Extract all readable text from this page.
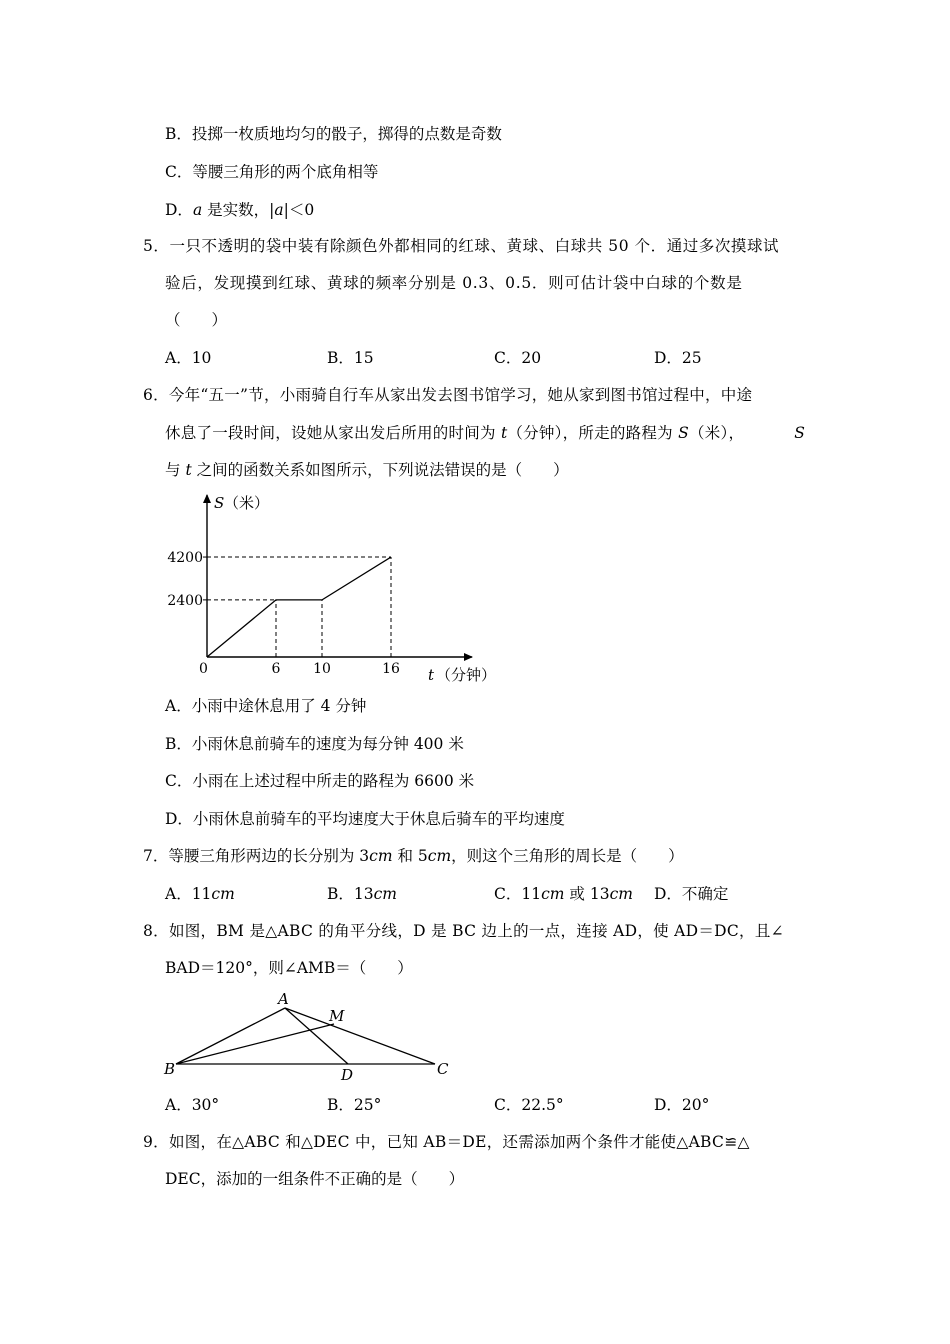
B．投掷一枚质地均匀的骰子，掷得的点数是奇数
C．等腰三角形的两个底角相等
D．a 是实数，|a|＜0
5．一只不透明的袋中装有除颜色外都相同的红球、黄球、白球共 50 个．通过多次摸球试
验后，发现摸到红球、黄球的频率分别是 0.3、0.5．则可估计袋中白球的个数是
（　　）
A．10	B．15	C．20	D．25
6．今年“五一”节，小雨骑自行车从家出发去图书馆学习，她从家到图书馆过程中，中途
休息了一段时间，设她从家出发后所用的时间为 t（分钟），所走的路程为 S（米），	S
与 t 之间的函数关系如图所示，下列说法错误的是（　　）
S （米）
t （分钟）
0	6 10	16
2400
4200
A．小雨中途休息用了 4 分钟
B．小雨休息前骑车的速度为每分钟 400 米
C．小雨在上述过程中所走的路程为 6600 米
D．小雨休息前骑车的平均速度大于休息后骑车的平均速度
7．等腰三角形两边的长分别为 3cm 和 5cm，则这个三角形的周长是（　　）
A．11cm	B．13cm	C．11cm 或 13cm D．不确定
8．如图，BM 是△ABC 的角平分线，D 是 BC 边上的一点，连接 AD，使 AD＝DC，且∠
BAD＝120°，则∠AMB＝（　　）
A
M
B	D	C
A．30°	B．25°	C．22.5°	D．20°
9．如图，在△ABC 和△DEC 中，已知 AB＝DE，还需添加两个条件才能使△ABC≌△
DEC，添加的一组条件不正确的是（　　）
